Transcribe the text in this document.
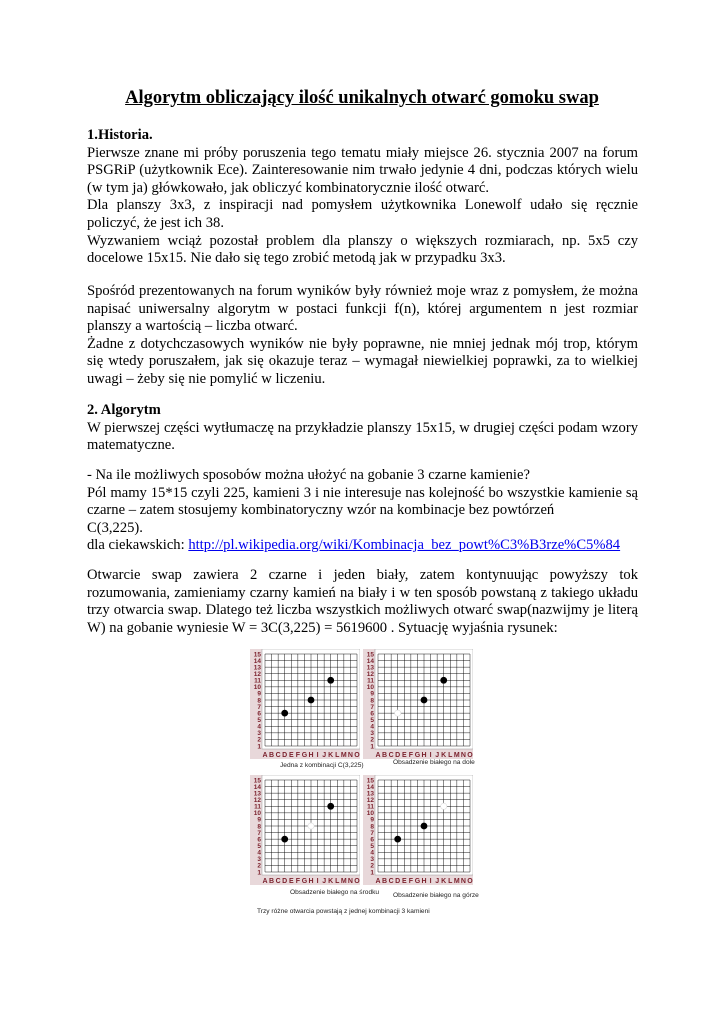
Algorytm obliczający ilość unikalnych otwarć gomoku swap

1.Historia.

Pierwsze znane mi próby poruszenia tego tematu miały miejsce 26. stycznia 2007 na forum PSGRiP (użytkownik Ece). Zainteresowanie nim trwało jedynie 4 dni, podczas których wielu (w tym ja) główkowało, jak obliczyć kombinatorycznie ilość otwarć.

Dla planszy 3x3, z inspiracji nad pomysłem użytkownika Lonewolf udało się ręcznie policzyć, że jest ich 38.

Wyzwaniem wciąż pozostał problem dla planszy o większych rozmiarach, np. 5x5 czy docelowe 15x15. Nie dało się tego zrobić metodą jak w przypadku 3x3.

Spośród prezentowanych na forum wyników były również moje wraz z pomysłem, że można napisać uniwersalny algorytm w postaci funkcji f(n), której argumentem n jest rozmiar planszy a wartością – liczba otwarć.

Żadne z dotychczasowych wyników nie były poprawne, nie mniej jednak mój trop, którym się wtedy poruszałem, jak się okazuje teraz – wymagał niewielkiej poprawki, za to wielkiej uwagi – żeby się nie pomylić w liczeniu.

2. Algorytm

W pierwszej części wytłumaczę na przykładzie planszy 15x15, w drugiej części podam wzory matematyczne.

- Na ile możliwych sposobów można ułożyć na gobanie 3 czarne kamienie?

Pól mamy 15*15 czyli 225, kamieni 3 i nie interesuje nas kolejność bo wszystkie kamienie są czarne – zatem stosujemy kombinatoryczny wzór na kombinacje bez powtórzeń

C(3,225).

dla ciekawskich: http://pl.wikipedia.org/wiki/Kombinacja_bez_powt%C3%B3rze%C5%84

Otwarcie swap zawiera 2 czarne i jeden biały, zatem kontynuując powyższy tok rozumowania, zamieniamy czarny kamień na biały i w ten sposób powstaną z takiego układu trzy otwarcia swap. Dlatego też liczba wszystkich możliwych otwarć swap(nazwijmy je literą W) na gobanie wyniesie W = 3C(3,225) = 5619600 . Sytuację wyjaśnia rysunek:

A B C D E F G H I J K L M N O
15
14
13
12
11
10
9
8
7
6
5
4
3
2
1
A B C D E F G H I J K L M N O
15
14
13
12
11
10
9
8
7
6
5
4
3
2
1
Jedna z kombinacji C(3,225)	Obsadzenie białego na dole
A B C D E F G H I J K L M N O
15
14
13
12
11
10
9
8
7
6
5
4
3
2
1
A B C D E F G H I J K L M N O
15
14
13
12
11
10
9
8
7
6
5
4
3
2
1
Obsadzenie białego na środku Obsadzenie białego na górze
Trzy różne otwarcia powstają z jednej kombinacji 3 kamieni
